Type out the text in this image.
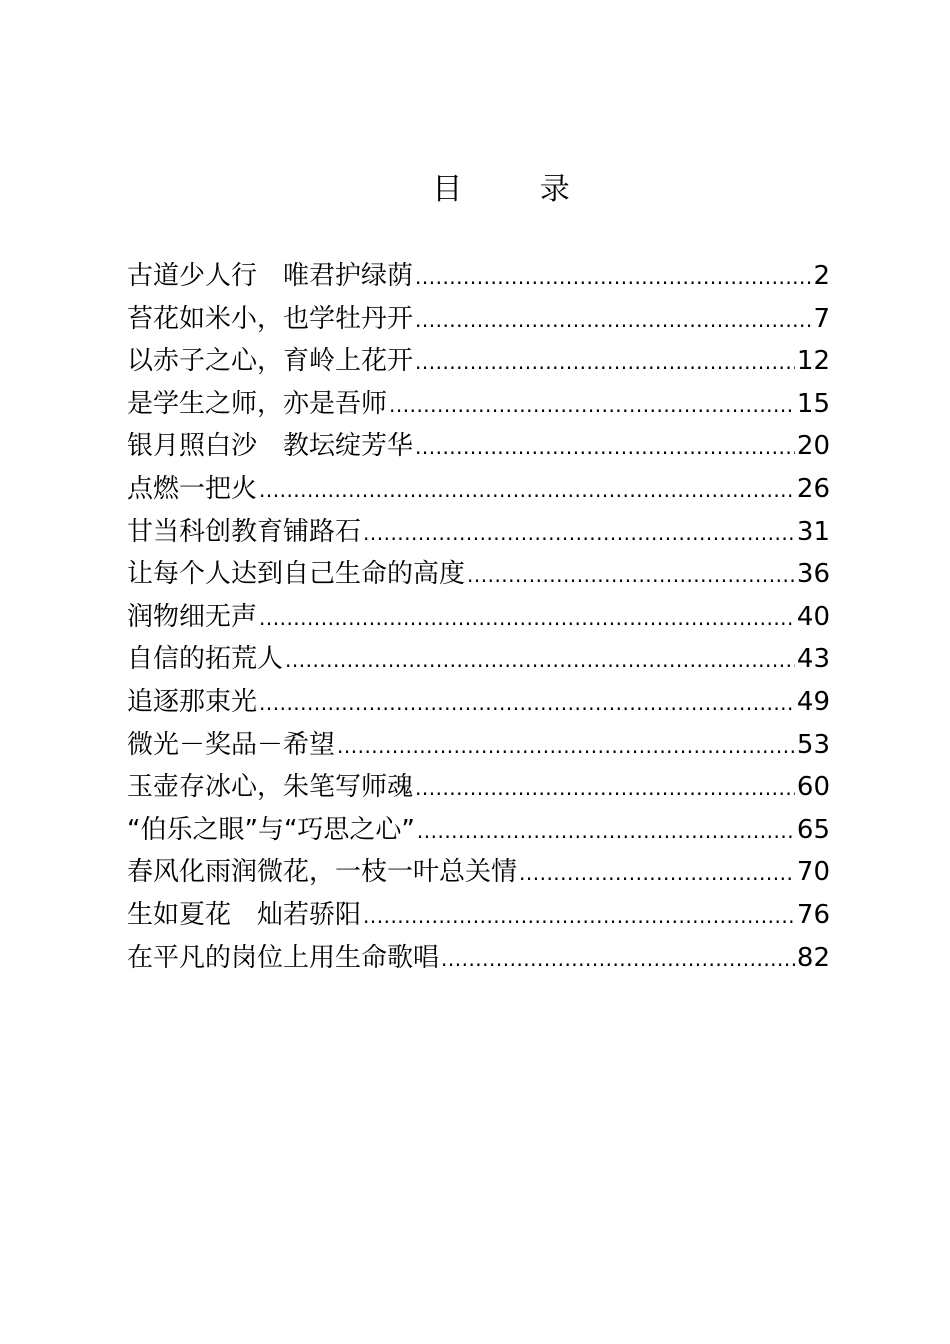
目 录
古道少人行　唯君护绿荫 .....	2
苔花如米小，也学牡丹开 .....	7
以赤子之心，育岭上花开 .....	12
是学生之师，亦是吾师 .....	15
银月照白沙　教坛绽芳华 .....	20
点燃一把火 .....	26
甘当科创教育铺路石 .....	31
让每个人达到自己生命的高度 .....	36
润物细无声 .....	40
自信的拓荒人 .....	43
追逐那束光 .....	49
微光－奖品－希望 .....	53
玉壶存冰心，朱笔写师魂 .....	60
“伯乐之眼”与“巧思之心” .....	65
春风化雨润微花，一枝一叶总关情 .....	70
生如夏花　灿若骄阳 .....	76
在平凡的岗位上用生命歌唱 .....	82
